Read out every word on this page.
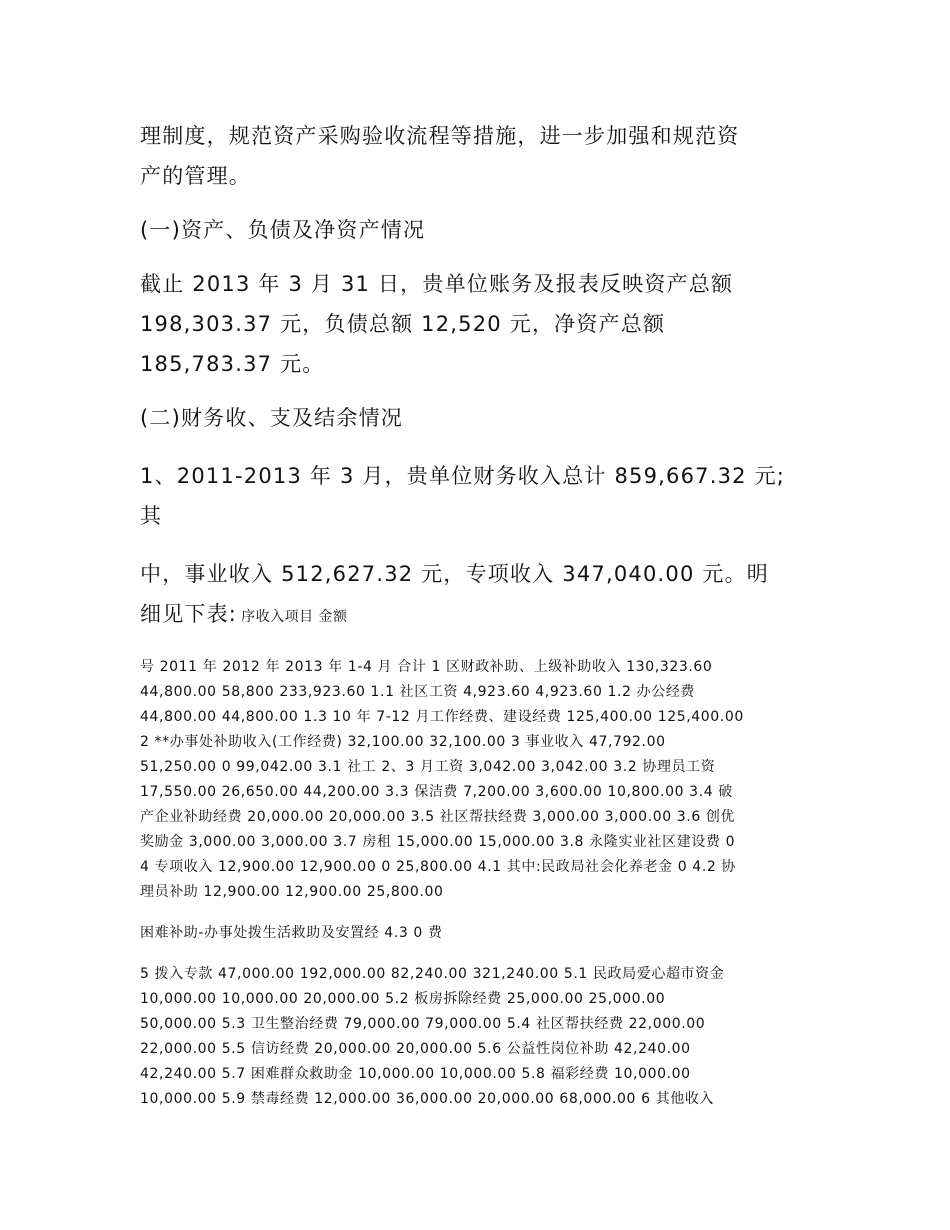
理制度，规范资产采购验收流程等措施，进一步加强和规范资
产的管理。

(一)资产、负债及净资产情况

截止 2013 年 3 月 31 日，贵单位账务及报表反映资产总额
198,303.37 元，负债总额 12,520 元，净资产总额
185,783.37 元。

(二)财务收、支及结余情况

1、2011-2013 年 3 月，贵单位财务收入总计 859,667.32 元;
其

中，事业收入 512,627.32 元，专项收入 347,040.00 元。明
细见下表: 序收入项目 金额

号 2011 年 2012 年 2013 年 1-4 月 合计 1 区财政补助、上级补助收入 130,323.60
44,800.00 58,800 233,923.60 1.1 社区工资 4,923.60 4,923.60 1.2 办公经费
44,800.00 44,800.00 1.3 10 年 7-12 月工作经费、建设经费 125,400.00 125,400.00
2 **办事处补助收入(工作经费) 32,100.00 32,100.00 3 事业收入 47,792.00
51,250.00 0 99,042.00 3.1 社工 2、3 月工资 3,042.00 3,042.00 3.2 协理员工资
17,550.00 26,650.00 44,200.00 3.3 保洁费 7,200.00 3,600.00 10,800.00 3.4 破
产企业补助经费 20,000.00 20,000.00 3.5 社区帮扶经费 3,000.00 3,000.00 3.6 创优
奖励金 3,000.00 3,000.00 3.7 房租 15,000.00 15,000.00 3.8 永隆实业社区建设费 0
4 专项收入 12,900.00 12,900.00 0 25,800.00 4.1 其中:民政局社会化养老金 0 4.2 协
理员补助 12,900.00 12,900.00 25,800.00

困难补助-办事处拨生活救助及安置经 4.3 0 费

5 拨入专款 47,000.00 192,000.00 82,240.00 321,240.00 5.1 民政局爱心超市资金
10,000.00 10,000.00 20,000.00 5.2 板房拆除经费 25,000.00 25,000.00
50,000.00 5.3 卫生整治经费 79,000.00 79,000.00 5.4 社区帮扶经费 22,000.00
22,000.00 5.5 信访经费 20,000.00 20,000.00 5.6 公益性岗位补助 42,240.00
42,240.00 5.7 困难群众救助金 10,000.00 10,000.00 5.8 福彩经费 10,000.00
10,000.00 5.9 禁毒经费 12,000.00 36,000.00 20,000.00 68,000.00 6 其他收入
